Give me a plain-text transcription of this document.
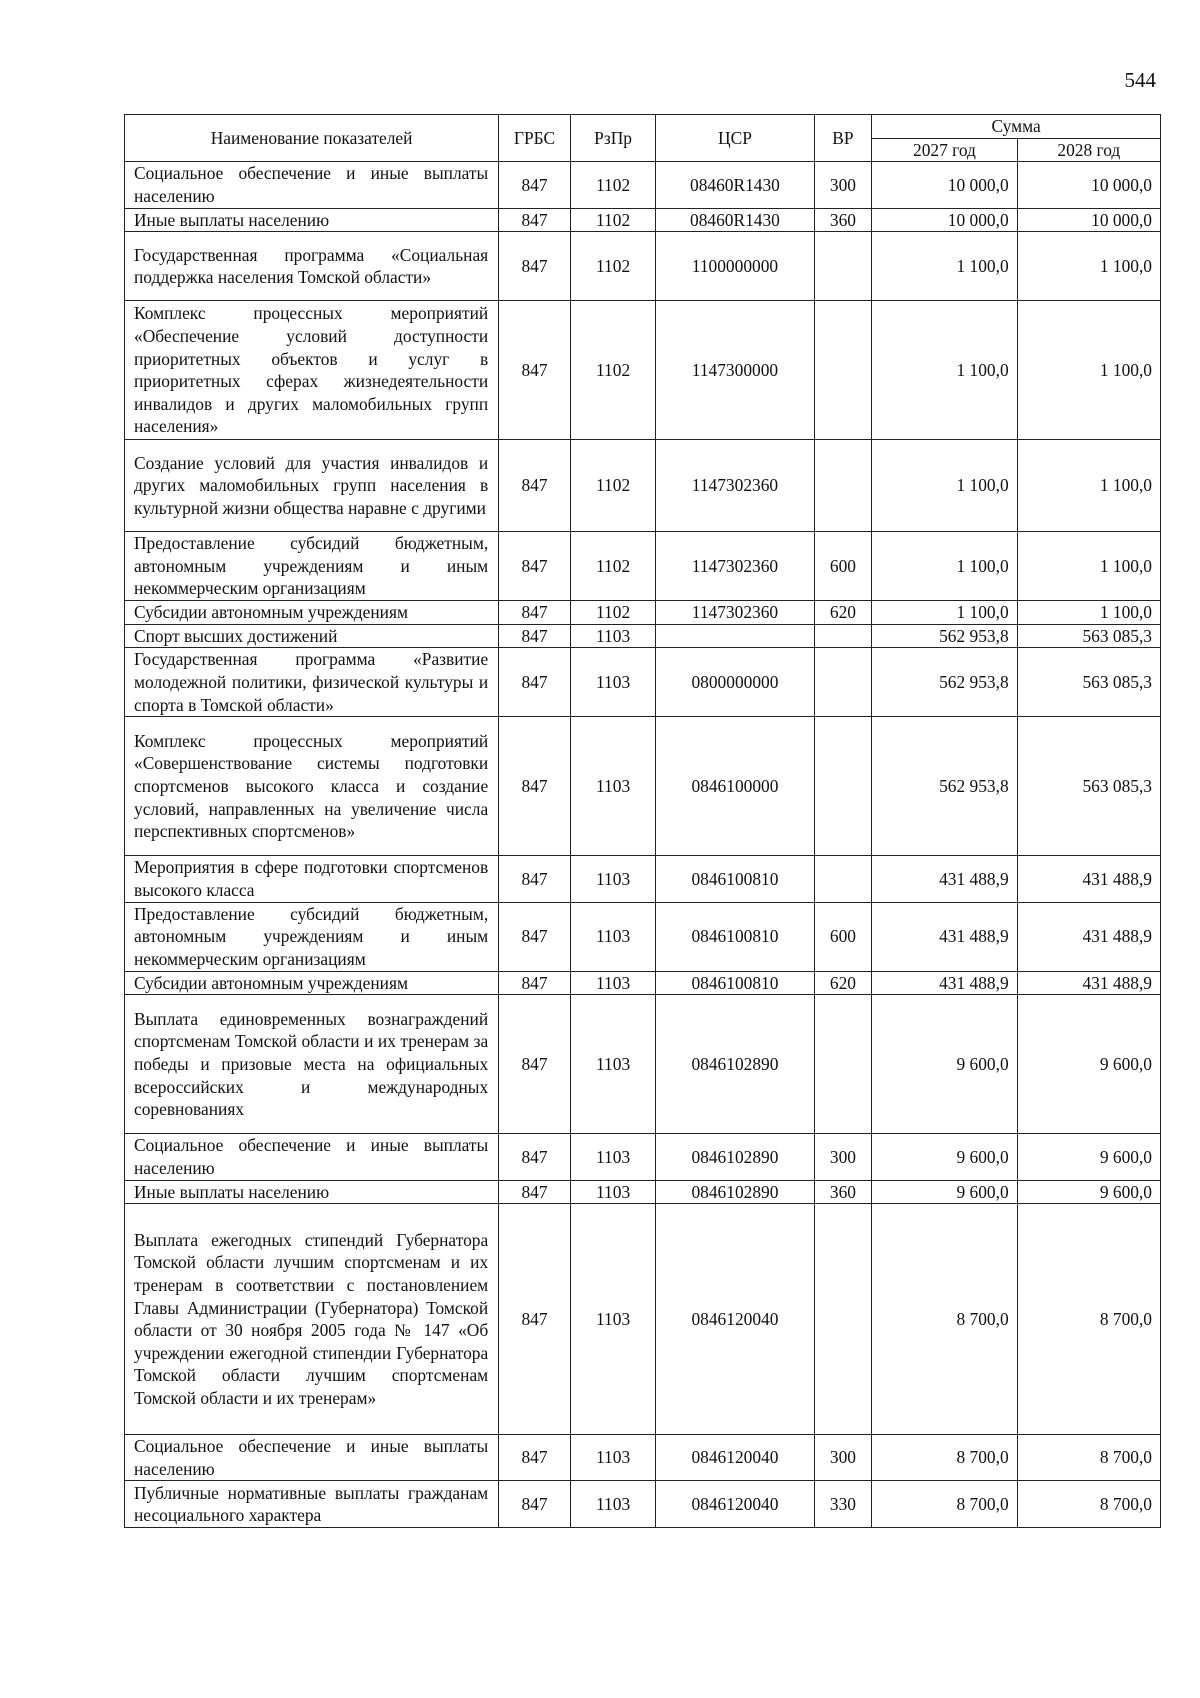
544
Наименование показателей	ГРБС	РзПр	ЦСР	ВР	Сумма	
					2027 год	2028 год
Социальное обеспечение и иные выплаты населению	847	1102	08460R1430	300	10 000,0	10 000,0
Иные выплаты населению	847	1102	08460R1430	360	10 000,0	10 000,0
Государственная программа «Социальная поддержка населения Томской области»	847	1102	1100000000		1 100,0	1 100,0
Комплекс процессных мероприятий «Обеспечение условий доступности приоритетных объектов и услуг в приоритетных сферах жизнедеятельности инвалидов и других маломобильных групп населения»	847	1102	1147300000		1 100,0	1 100,0
Создание условий для участия инвалидов и других маломобильных групп населения в культурной жизни общества наравне с другими	847	1102	1147302360		1 100,0	1 100,0
Предоставление субсидий бюджетным, автономным учреждениям и иным некоммерческим организациям	847	1102	1147302360	600	1 100,0	1 100,0
Субсидии автономным учреждениям	847	1102	1147302360	620	1 100,0	1 100,0
Спорт высших достижений	847	1103			562 953,8	563 085,3
Государственная программа «Развитие молодежной политики, физической культуры и спорта в Томской области»	847	1103	0800000000		562 953,8	563 085,3
Комплекс процессных мероприятий «Совершенствование системы подготовки спортсменов высокого класса и создание условий, направленных на увеличение числа перспективных спортсменов»	847	1103	0846100000		562 953,8	563 085,3
Мероприятия в сфере подготовки спортсменов высокого класса	847	1103	0846100810		431 488,9	431 488,9
Предоставление субсидий бюджетным, автономным учреждениям и иным некоммерческим организациям	847	1103	0846100810	600	431 488,9	431 488,9
Субсидии автономным учреждениям	847	1103	0846100810	620	431 488,9	431 488,9
Выплата единовременных вознаграждений спортсменам Томской области и их тренерам за победы и призовые места на официальных всероссийских и международных соревнованиях	847	1103	0846102890		9 600,0	9 600,0
Социальное обеспечение и иные выплаты населению	847	1103	0846102890	300	9 600,0	9 600,0
Иные выплаты населению	847	1103	0846102890	360	9 600,0	9 600,0
Выплата ежегодных стипендий Губернатора Томской области лучшим спортсменам и их тренерам в соответствии с постановлением Главы Администрации (Губернатора) Томской области от 30 ноября 2005 года № 147 «Об учреждении ежегодной стипендии Губернатора Томской области лучшим спортсменам Томской области и их тренерам»	847	1103	0846120040		8 700,0	8 700,0
Социальное обеспечение и иные выплаты населению	847	1103	0846120040	300	8 700,0	8 700,0
Публичные нормативные выплаты гражданам несоциального характера	847	1103	0846120040	330	8 700,0	8 700,0
